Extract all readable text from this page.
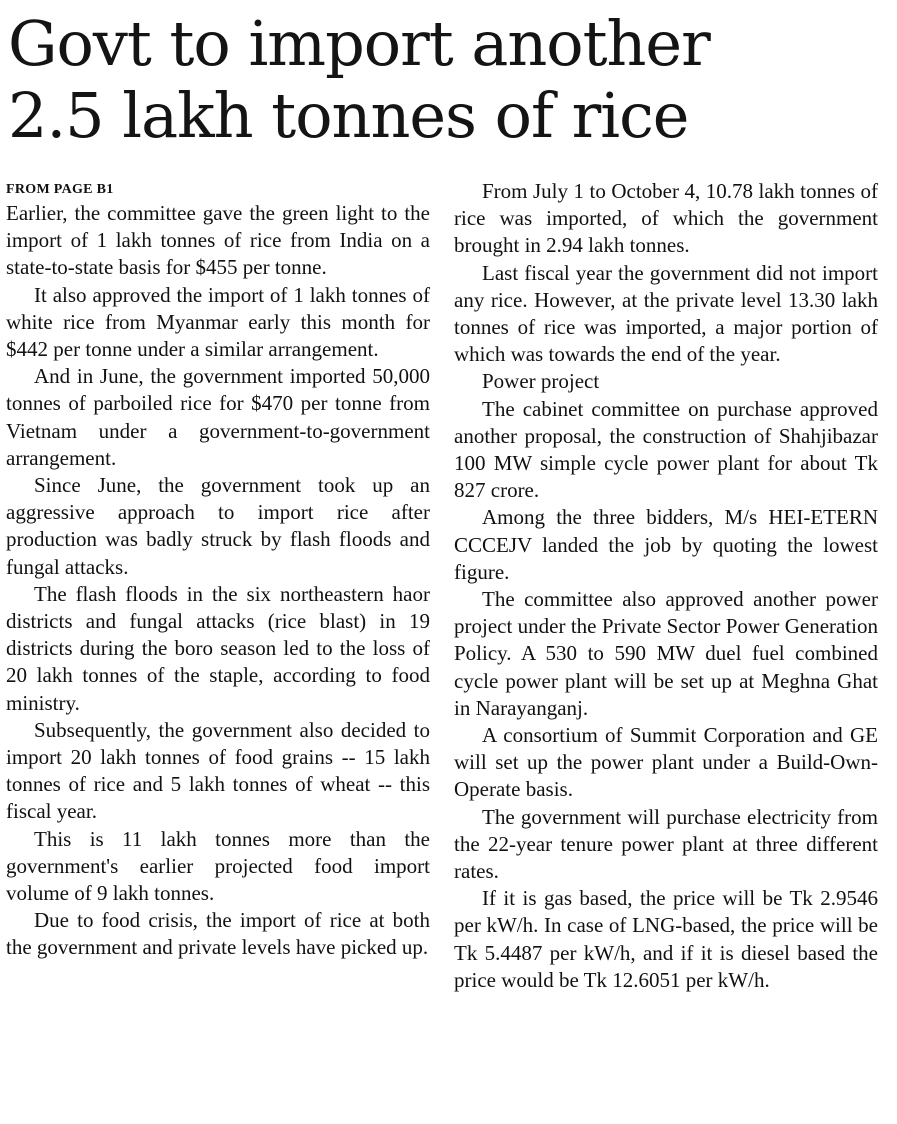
Govt to import another
2.5 lakh tonnes of rice
FROM PAGE B1

Earlier, the committee gave the green light to the import of 1 lakh tonnes of rice from India on a state-to-state basis for $455 per tonne.

It also approved the import of 1 lakh tonnes of white rice from Myanmar early this month for $442 per tonne under a similar arrangement.

And in June, the government imported 50,000 tonnes of parboiled rice for $470 per tonne from Vietnam under a government-to-government arrangement.

Since June, the government took up an aggressive approach to import rice after production was badly struck by flash floods and fungal attacks.

The flash floods in the six northeastern haor districts and fungal attacks (rice blast) in 19 districts during the boro season led to the loss of 20 lakh tonnes of the staple, according to food ministry.

Subsequently, the government also decided to import 20 lakh tonnes of food grains -- 15 lakh tonnes of rice and 5 lakh tonnes of wheat -- this fiscal year.

This is 11 lakh tonnes more than the government's earlier projected food import volume of 9 lakh tonnes.

Due to food crisis, the import of rice at both the government and private levels have picked up.

From July 1 to October 4, 10.78 lakh tonnes of rice was imported, of which the government brought in 2.94 lakh tonnes.

Last fiscal year the government did not import any rice. However, at the private level 13.30 lakh tonnes of rice was imported, a major portion of which was towards the end of the year.

Power project

The cabinet committee on purchase approved another proposal, the construction of Shahjibazar 100 MW simple cycle power plant for about Tk 827 crore.

Among the three bidders, M/s HEI-ETERN CCCEJV landed the job by quoting the lowest figure.

The committee also approved another power project under the Private Sector Power Generation Policy. A 530 to 590 MW duel fuel combined cycle power plant will be set up at Meghna Ghat in Narayanganj.

A consortium of Summit Corporation and GE will set up the power plant under a Build-Own-Operate basis.

The government will purchase electricity from the 22-year tenure power plant at three different rates.

If it is gas based, the price will be Tk 2.9546 per kW/h. In case of LNG-based, the price will be Tk 5.4487 per kW/h, and if it is diesel based the price would be Tk 12.6051 per kW/h.
